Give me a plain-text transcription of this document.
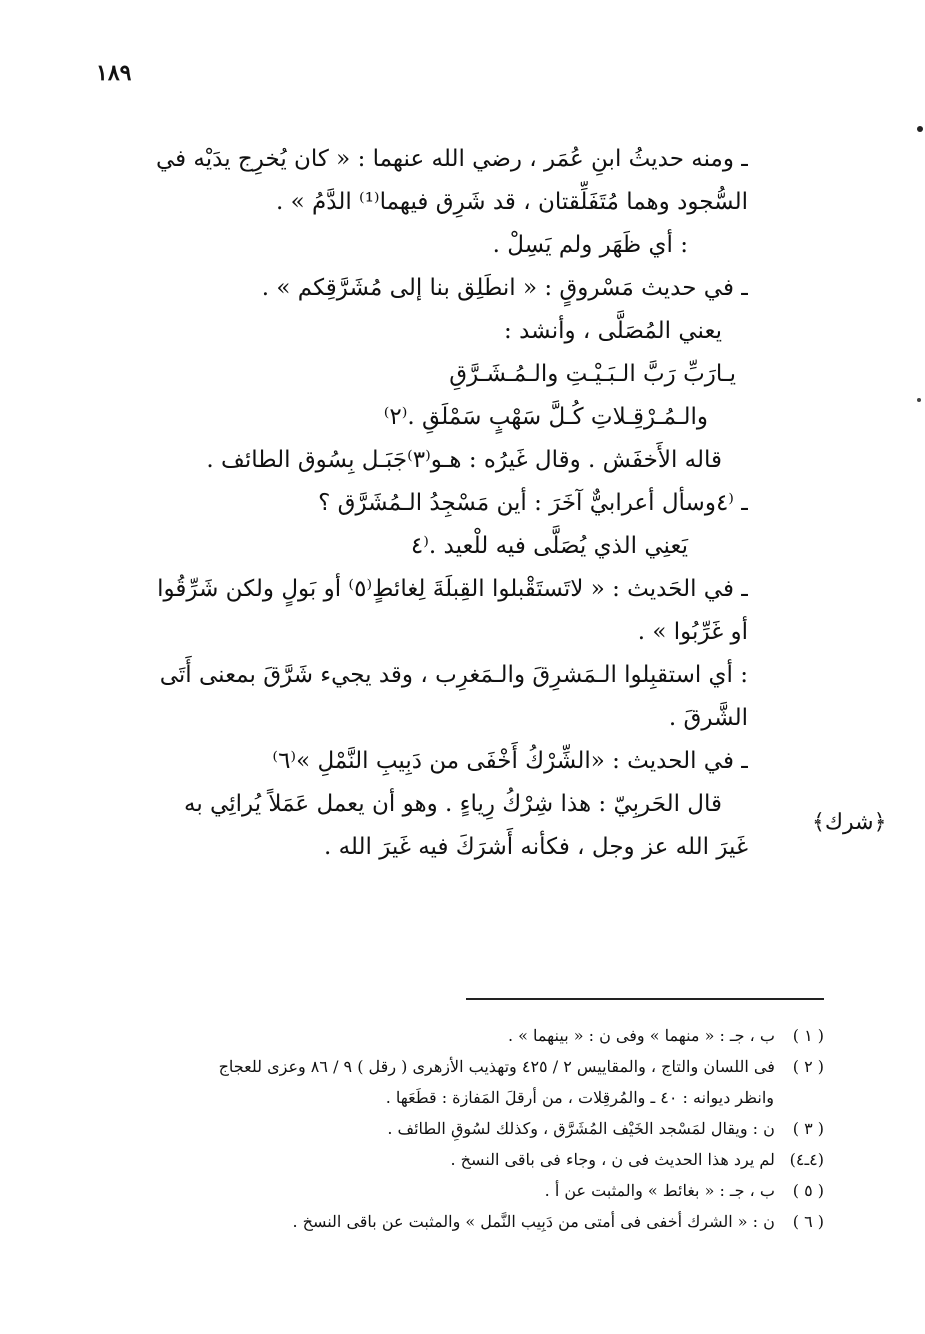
١٨٩
ـ ومنه حديثُ ابنِ عُمَر ، رضي الله عنهما : « كان يُخرِج يدَيْه في
السُّجود وهما مُتَفَلِّقتان ، قد شَرِق فيهما⁽¹⁾ الدَّمُ » .
: أي ظَهَر ولم يَسِلْ .
ـ في حديث مَسْروقٍ : « انطَلِق بنا إلى مُشَرَّقِكم » .
يعني المُصَلَّى ، وأنشد :
يـارَبِّ رَبَّ الـبَـيْـتِ والـمُـشَـرَّقِ
والـمُـرْقِـلاتِ كُـلَّ سَهْبٍ سَمْلَقِ .⁽٢⁾
قاله الأَخفَش . وقال غَيرُه : هـو⁽٣⁾جَبَـل بِسُوق الطائف .
ـ ⁽٤وسأل أعرابيٌّ آخَرَ : أين مَسْجِدُ الـمُشَرَّق ؟
يَعنِي الذي يُصَلَّى فيه للْعيد .⁽٤
ـ في الحَديث : « لاتَستَقْبلوا القِبلَةَ لِغائطٍ⁽٥⁾ أو بَولٍ ولكن شَرِّقُوا
أو غَرِّبُوا » .
: أي استقبِلوا الـمَشرِقَ والـمَغرِب ، وقد يجيء شَرَّقَ بمعنى أَتَى
الشَّرقَ .
ـ في الحديث : «الشِّرْكُ أَخْفَى من دَبِيبِ النَّمْلِ »⁽٦⁾
قال الحَربِيّ : هذا شِرْكُ رِياءٍ . وهو أن يعمل عَمَلاً يُرائِي به
غَيرَ الله عز وجل ، فكأنه أَشرَكَ فيه غَيرَ الله .
﴿شرك﴾
( ١ ) ب ، جـ : « منهما » وفى ن : « بينهما » .
( ٢ ) فى اللسان والتاج ، والمقاييس ٢ / ٤٢٥ وتهذيب الأزهرى ( رقل ) ٩ / ٨٦ وعزى للعجاج
وانظر ديوانه : ٤٠ ـ والمُرقِلات ، من أرقلَ المَفازة : قطَعَها .
( ٣ ) ن : ويقال لمَسْجد الخَيْف المُشَرَّق ، وكذلك لسُوقِ الطائف .
(٤ـ٤) لم يرد هذا الحديث فى ن ، وجاء فى باقى النسخ .
( ٥ ) ب ، جـ : « بغائط » والمثبت عن أ .
( ٦ ) ن : « الشرك أخفى فى أمتى من دَبِيب النَّمل » والمثبت عن باقى النسخ .
